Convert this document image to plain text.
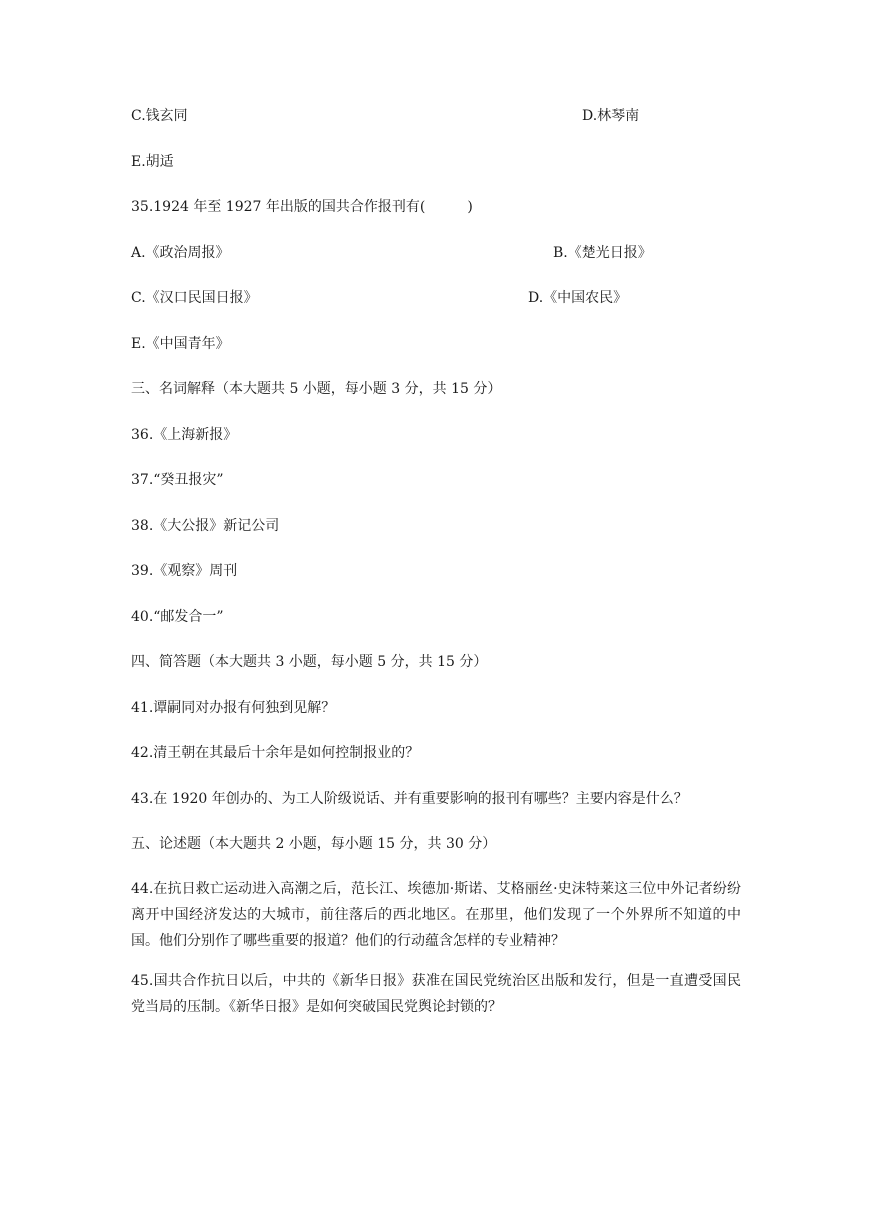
C.钱玄同	D.林琴南
E.胡适
35.1924 年至 1927 年出版的国共合作报刊有(　　　)
A.《政治周报》	B.《楚光日报》
C.《汉口民国日报》	D.《中国农民》
E.《中国青年》
三、名词解释（本大题共 5 小题，每小题 3 分，共 15 分）
36.《上海新报》
37.“癸丑报灾”
38.《大公报》新记公司
39.《观察》周刊
40.“邮发合一”
四、简答题（本大题共 3 小题，每小题 5 分，共 15 分）
41.谭嗣同对办报有何独到见解？
42.清王朝在其最后十余年是如何控制报业的？
43.在 1920 年创办的、为工人阶级说话、并有重要影响的报刊有哪些？主要内容是什么？
五、论述题（本大题共 2 小题，每小题 15 分，共 30 分）
44.在抗日救亡运动进入高潮之后，范长江、埃德加·斯诺、艾格丽丝·史沫特莱这三位中外记者纷纷离开中国经济发达的大城市，前往落后的西北地区。在那里，他们发现了一个外界所不知道的中国。他们分别作了哪些重要的报道？他们的行动蕴含怎样的专业精神？
45.国共合作抗日以后，中共的《新华日报》获准在国民党统治区出版和发行，但是一直遭受国民党当局的压制。《新华日报》是如何突破国民党舆论封锁的？
